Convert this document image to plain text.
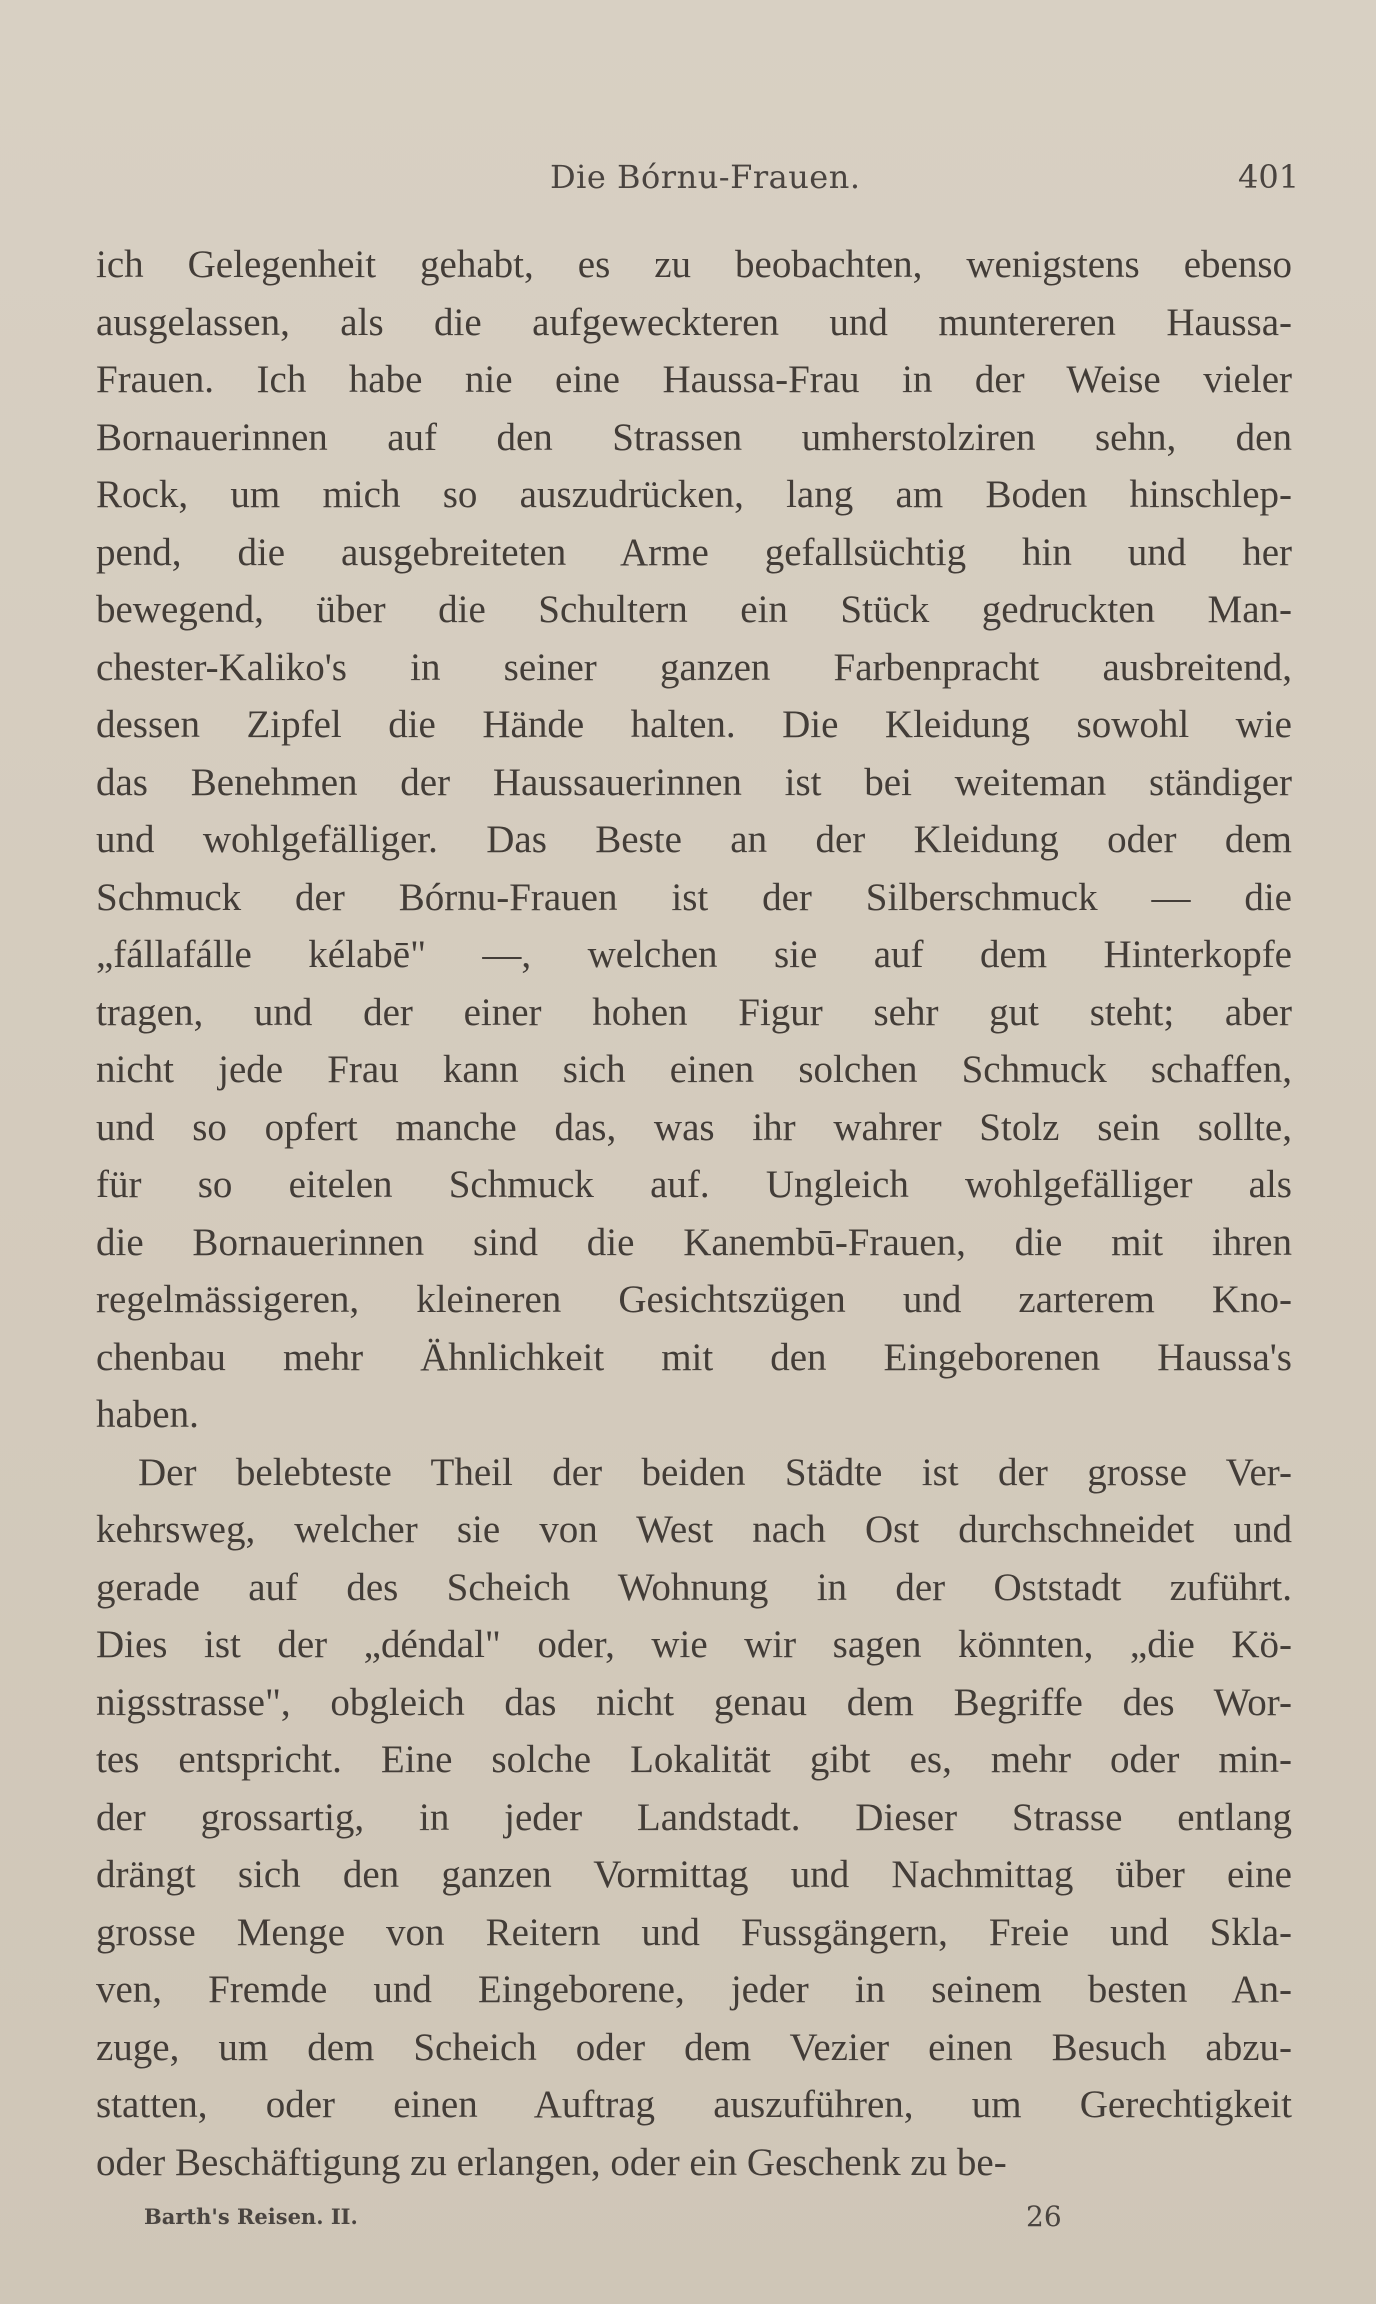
Die Bórnu-Frauen.	401
ich Gelegenheit gehabt, es zu beobachten, wenigstens ebenso
ausgelassen, als die aufgeweckteren und muntereren Haussa-
Frauen. Ich habe nie eine Haussa-Frau in der Weise vieler
Bornauerinnen auf den Strassen umherstolziren sehn, den
Rock, um mich so auszudrücken, lang am Boden hinschlep-
pend, die ausgebreiteten Arme gefallsüchtig hin und her
bewegend, über die Schultern ein Stück gedruckten Man-
chester-Kaliko's in seiner ganzen Farbenpracht ausbreitend,
dessen Zipfel die Hände halten. Die Kleidung sowohl wie
das Benehmen der Haussauerinnen ist bei weiteman ständiger
und wohlgefälliger. Das Beste an der Kleidung oder dem
Schmuck der Bórnu-Frauen ist der Silberschmuck — die
„fállafálle kélabē" —, welchen sie auf dem Hinterkopfe
tragen, und der einer hohen Figur sehr gut steht; aber
nicht jede Frau kann sich einen solchen Schmuck schaffen,
und so opfert manche das, was ihr wahrer Stolz sein sollte,
für so eitelen Schmuck auf. Ungleich wohlgefälliger als
die Bornauerinnen sind die Kanembū-Frauen, die mit ihren
regelmässigeren, kleineren Gesichtszügen und zarterem Kno-
chenbau mehr Ähnlichkeit mit den Eingeborenen Haussa's
haben.
Der belebteste Theil der beiden Städte ist der grosse Ver-
kehrsweg, welcher sie von West nach Ost durchschneidet und
gerade auf des Scheich Wohnung in der Oststadt zuführt.
Dies ist der „déndal" oder, wie wir sagen könnten, „die Kö-
nigsstrasse", obgleich das nicht genau dem Begriffe des Wor-
tes entspricht. Eine solche Lokalität gibt es, mehr oder min-
der grossartig, in jeder Landstadt. Dieser Strasse entlang
drängt sich den ganzen Vormittag und Nachmittag über eine
grosse Menge von Reitern und Fussgängern, Freie und Skla-
ven, Fremde und Eingeborene, jeder in seinem besten An-
zuge, um dem Scheich oder dem Vezier einen Besuch abzu-
statten, oder einen Auftrag auszuführen, um Gerechtigkeit
oder Beschäftigung zu erlangen, oder ein Geschenk zu be-
Barth's Reisen. II.	26
